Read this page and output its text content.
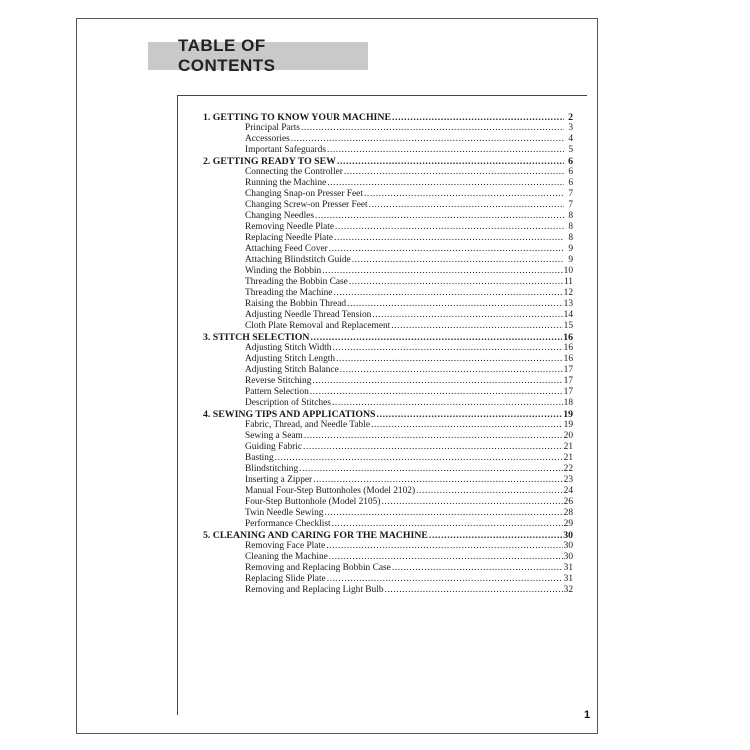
TABLE OF CONTENTS
1. GETTING TO KNOW YOUR MACHINE .....	2
Principal Parts .....	3
Accessories .....	4
Important Safeguards .....	5
2. GETTING READY TO SEW .....	6
Connecting the Controller .....	6
Running the Machine .....	6
Changing Snap-on Presser Feet .....	7
Changing Screw-on Presser Feet .....	7
Changing Needles .....	8
Removing Needle Plate .....	8
Replacing Needle Plate .....	8
Attaching Feed Cover .....	9
Attaching Blindstitch Guide .....	9
Winding the Bobbin .....	10
Threading the Bobbin Case .....	11
Threading the Machine .....	12
Raising the Bobbin Thread .....	13
Adjusting Needle Thread Tension .....	14
Cloth Plate Removal and Replacement .....	15
3. STITCH SELECTION .....	16
Adjusting Stitch Width .....	16
Adjusting Stitch Length .....	16
Adjusting Stitch Balance .....	17
Reverse Stitching .....	17
Pattern Selection .....	17
Description of Stitches .....	18
4. SEWING TIPS AND APPLICATIONS .....	19
Fabric, Thread, and Needle Table .....	19
Sewing a Seam .....	20
Guiding Fabric .....	21
Basting .....	21
Blindstitching .....	22
Inserting a Zipper .....	23
Manual Four-Step Buttonholes (Model 2102) .....	24
Four-Step Buttonhole (Model 2105) .....	26
Twin Needle Sewing .....	28
Performance Checklist .....	29
5. CLEANING AND CARING FOR THE MACHINE .....	30
Removing Face Plate .....	30
Cleaning the Machine .....	30
Removing and Replacing Bobbin Case .....	31
Replacing Slide Plate .....	31
Removing and Replacing Light Bulb .....	32
1
